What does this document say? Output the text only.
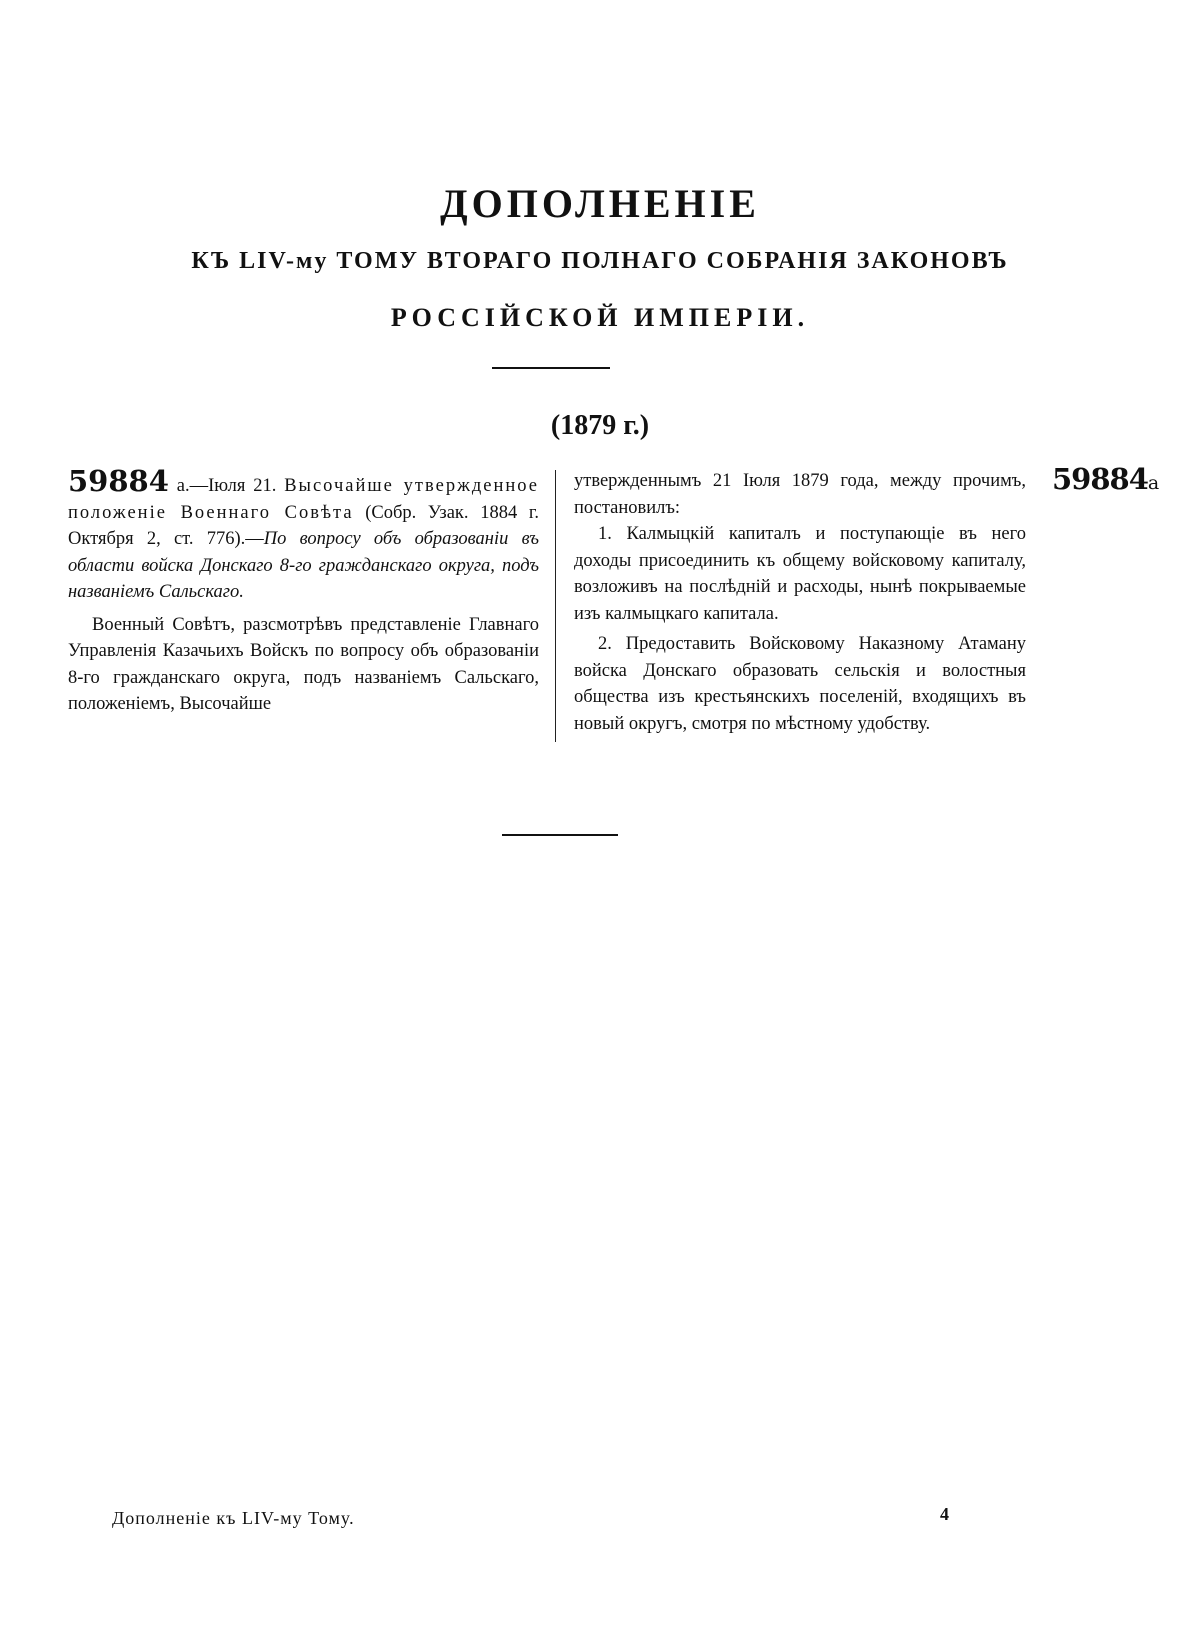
ДОПОЛНЕНІЕ
КЪ LIV-му ТОМУ ВТОРАГО ПОЛНАГО СОБРАНІЯ ЗАКОНОВЪ
РОССІЙСКОЙ ИМПЕРІИ.
(1879 г.)

59884 а.—Іюля 21. Высочайше утвержденное положеніе Военнаго Совѣта (Собр. Узак. 1884 г. Октября 2, ст. 776).—По вопросу объ образованіи въ области войска Донскаго 8-го гражданскаго округа, подъ названіемъ Сальскаго.

Военный Совѣтъ, разсмотрѣвъ представленіе Главнаго Управленія Казачьихъ Войскъ по вопросу объ образованіи 8-го гражданскаго округа, подъ названіемъ Сальскаго, положеніемъ, Высочайше

утвержденнымъ 21 Іюля 1879 года, между прочимъ, постановилъ:

1. Калмыцкій капиталъ и поступающіе въ него доходы присоединить къ общему войсковому капиталу, возложивъ на послѣдній и расходы, нынѣ покрываемые изъ калмыцкаго капитала.

2. Предоставить Войсковому Наказному Атаману войска Донскаго образовать сельскія и волостныя общества изъ крестьянскихъ поселеній, входящихъ въ новый округъ, смотря по мѣстному удобству.

59884а
Дополненіе къ LIV-му Тому.	4
